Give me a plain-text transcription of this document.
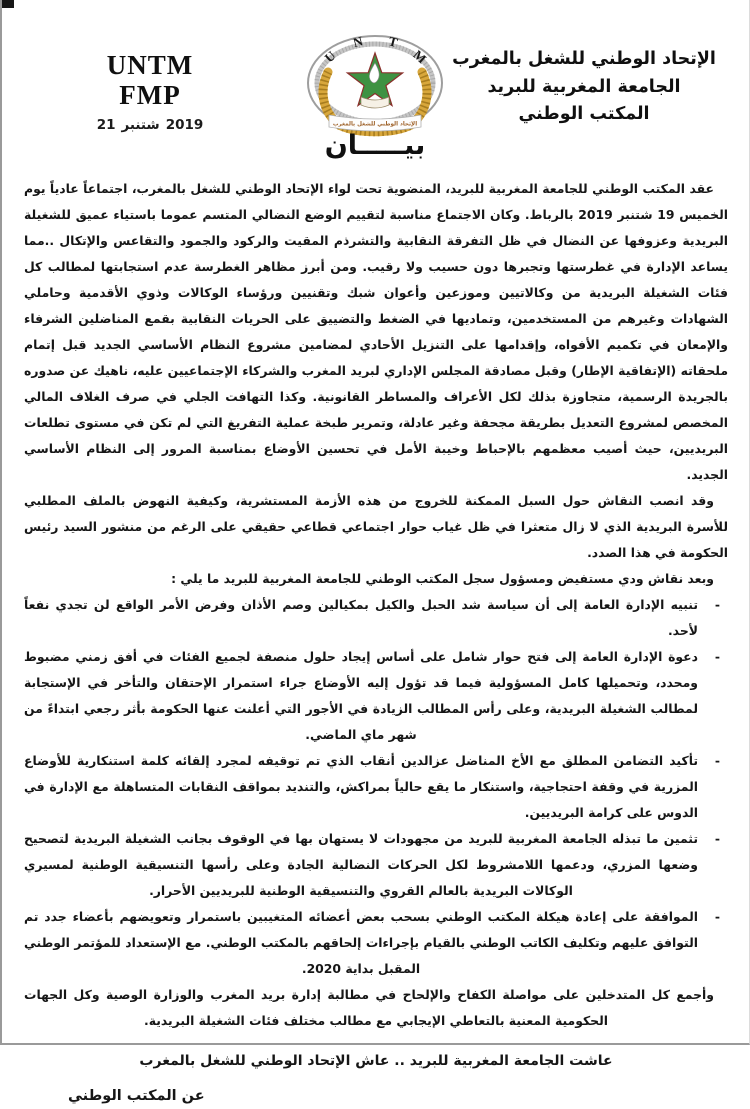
UNTM
FMP
21 شتنبر 2019	الإتحاد الوطني للشغل بالمغرب
U
N T
M	الإتحاد الوطني للشغل بالمغرب
الجامعة المغربية للبريد
المكتب الوطني
بيـــــان

عقد المكتب الوطني للجامعة المغربية للبريد، المنضوية تحت لواء الإتحاد الوطني للشغل بالمغرب، اجتماعاً عادياً يوم الخميس 19 شتنبر 2019 بالرباط. وكان الاجتماع مناسبة لتقييم الوضع النضالي المتسم عموما باستياء عميق للشغيلة البريدية وعزوفها عن النضال في ظل التفرقة النقابية والتشرذم المقيت والركود والجمود والتقاعس والإتكال ..مما يساعد الإدارة في غطرستها وتجبرها دون حسيب ولا رقيب. ومن أبرز مظاهر الغطرسة عدم استجابتها لمطالب كل فئات الشغيلة البريدية من وكالاتيين وموزعين وأعوان شبك وتقنيين ورؤساء الوكالات وذوي الأقدمية وحاملي الشهادات وغيرهم من المستخدمين، وتماديها في الضغط والتضييق على الحريات النقابية بقمع المناضلين الشرفاء والإمعان في تكميم الأفواه، وإقدامها على التنزيل الأحادي لمضامين مشروع النظام الأساسي الجديد قبل إتمام ملحقاته (الإتفاقية الإطار) وقبل مصادقة المجلس الإداري لبريد المغرب والشركاء الإجتماعيين عليه، ناهيك عن صدوره بالجريدة الرسمية، متجاوزة بذلك لكل الأعراف والمساطر القانونية. وكذا التهافت الجلي في صرف الغلاف المالي المخصص لمشروع التعديل بطريقة مجحفة وغير عادلة، وتمرير طبخة عملية التفريغ التي لم تكن في مستوى تطلعات البريديين، حيث أصيب معظمهم بالإحباط وخيبة الأمل في تحسين الأوضاع بمناسبة المرور إلى النظام الأساسي الجديد.

وقد انصب النقاش حول السبل الممكنة للخروج من هذه الأزمة المستشرية، وكيفية النهوض بالملف المطلبي للأسرة البريدية الذي لا زال متعثرا في ظل غياب حوار اجتماعي قطاعي حقيقي على الرغم من منشور السيد رئيس الحكومة في هذا الصدد.

وبعد نقاش ودي مستفيض ومسؤول سجل المكتب الوطني للجامعة المغربية للبريد ما يلي :

-
تنبيه الإدارة العامة إلى أن سياسة شد الحبل والكيل بمكيالين وصم الأذان وفرض الأمر الواقع لن تجدي نفعاً لأحد.
-
دعوة الإدارة العامة إلى فتح حوار شامل على أساس إيجاد حلول منصفة لجميع الفئات في أفق زمني مضبوط ومحدد، وتحميلها كامل المسؤولية فيما قد تؤول إليه الأوضاع جراء استمرار الإحتقان والتأخر في الإستجابة لمطالب الشغيلة البريدية، وعلى رأس المطالب الزيادة في الأجور التي أعلنت عنها الحكومة بأثر رجعي ابتداءً من شهر ماي الماضي.
-
تأكيد التضامن المطلق مع الأخ المناضل عزالدين أنقاب الذي تم توقيفه لمجرد إلقائه كلمة استنكارية للأوضاع المزرية في وقفة احتجاجية، واستنكار ما يقع حالياً بمراكش، والتنديد بمواقف النقابات المتساهلة مع الإدارة في الدوس على كرامة البريديين.
-
تثمين ما تبذله الجامعة المغربية للبريد من مجهودات لا يستهان بها في الوقوف بجانب الشغيلة البريدية لتصحيح وضعها المزري، ودعمها اللامشروط لكل الحركات النضالية الجادة وعلى رأسها التنسيقية الوطنية لمسيري الوكالات البريدية بالعالم القروي والتنسيقية الوطنية للبريديين الأحرار.
-
الموافقة على إعادة هيكلة المكتب الوطني بسحب بعض أعضائه المتغيبين باستمرار وتعويضهم بأعضاء جدد تم التوافق عليهم وتكليف الكاتب الوطني بالقيام بإجراءات إلحاقهم بالمكتب الوطني. مع الإستعداد للمؤتمر الوطني المقبل بداية 2020.

وأجمع كل المتدخلين على مواصلة الكفاح والإلحاح في مطالبة إدارة بريد المغرب والوزارة الوصية وكل الجهات الحكومية المعنية بالتعاطي الإيجابي مع مطالب مختلف فئات الشغيلة البريدية.

عاشت الجامعة المغربية للبريد .. عاش الإتحاد الوطني للشغل بالمغرب

عن المكتب الوطني
